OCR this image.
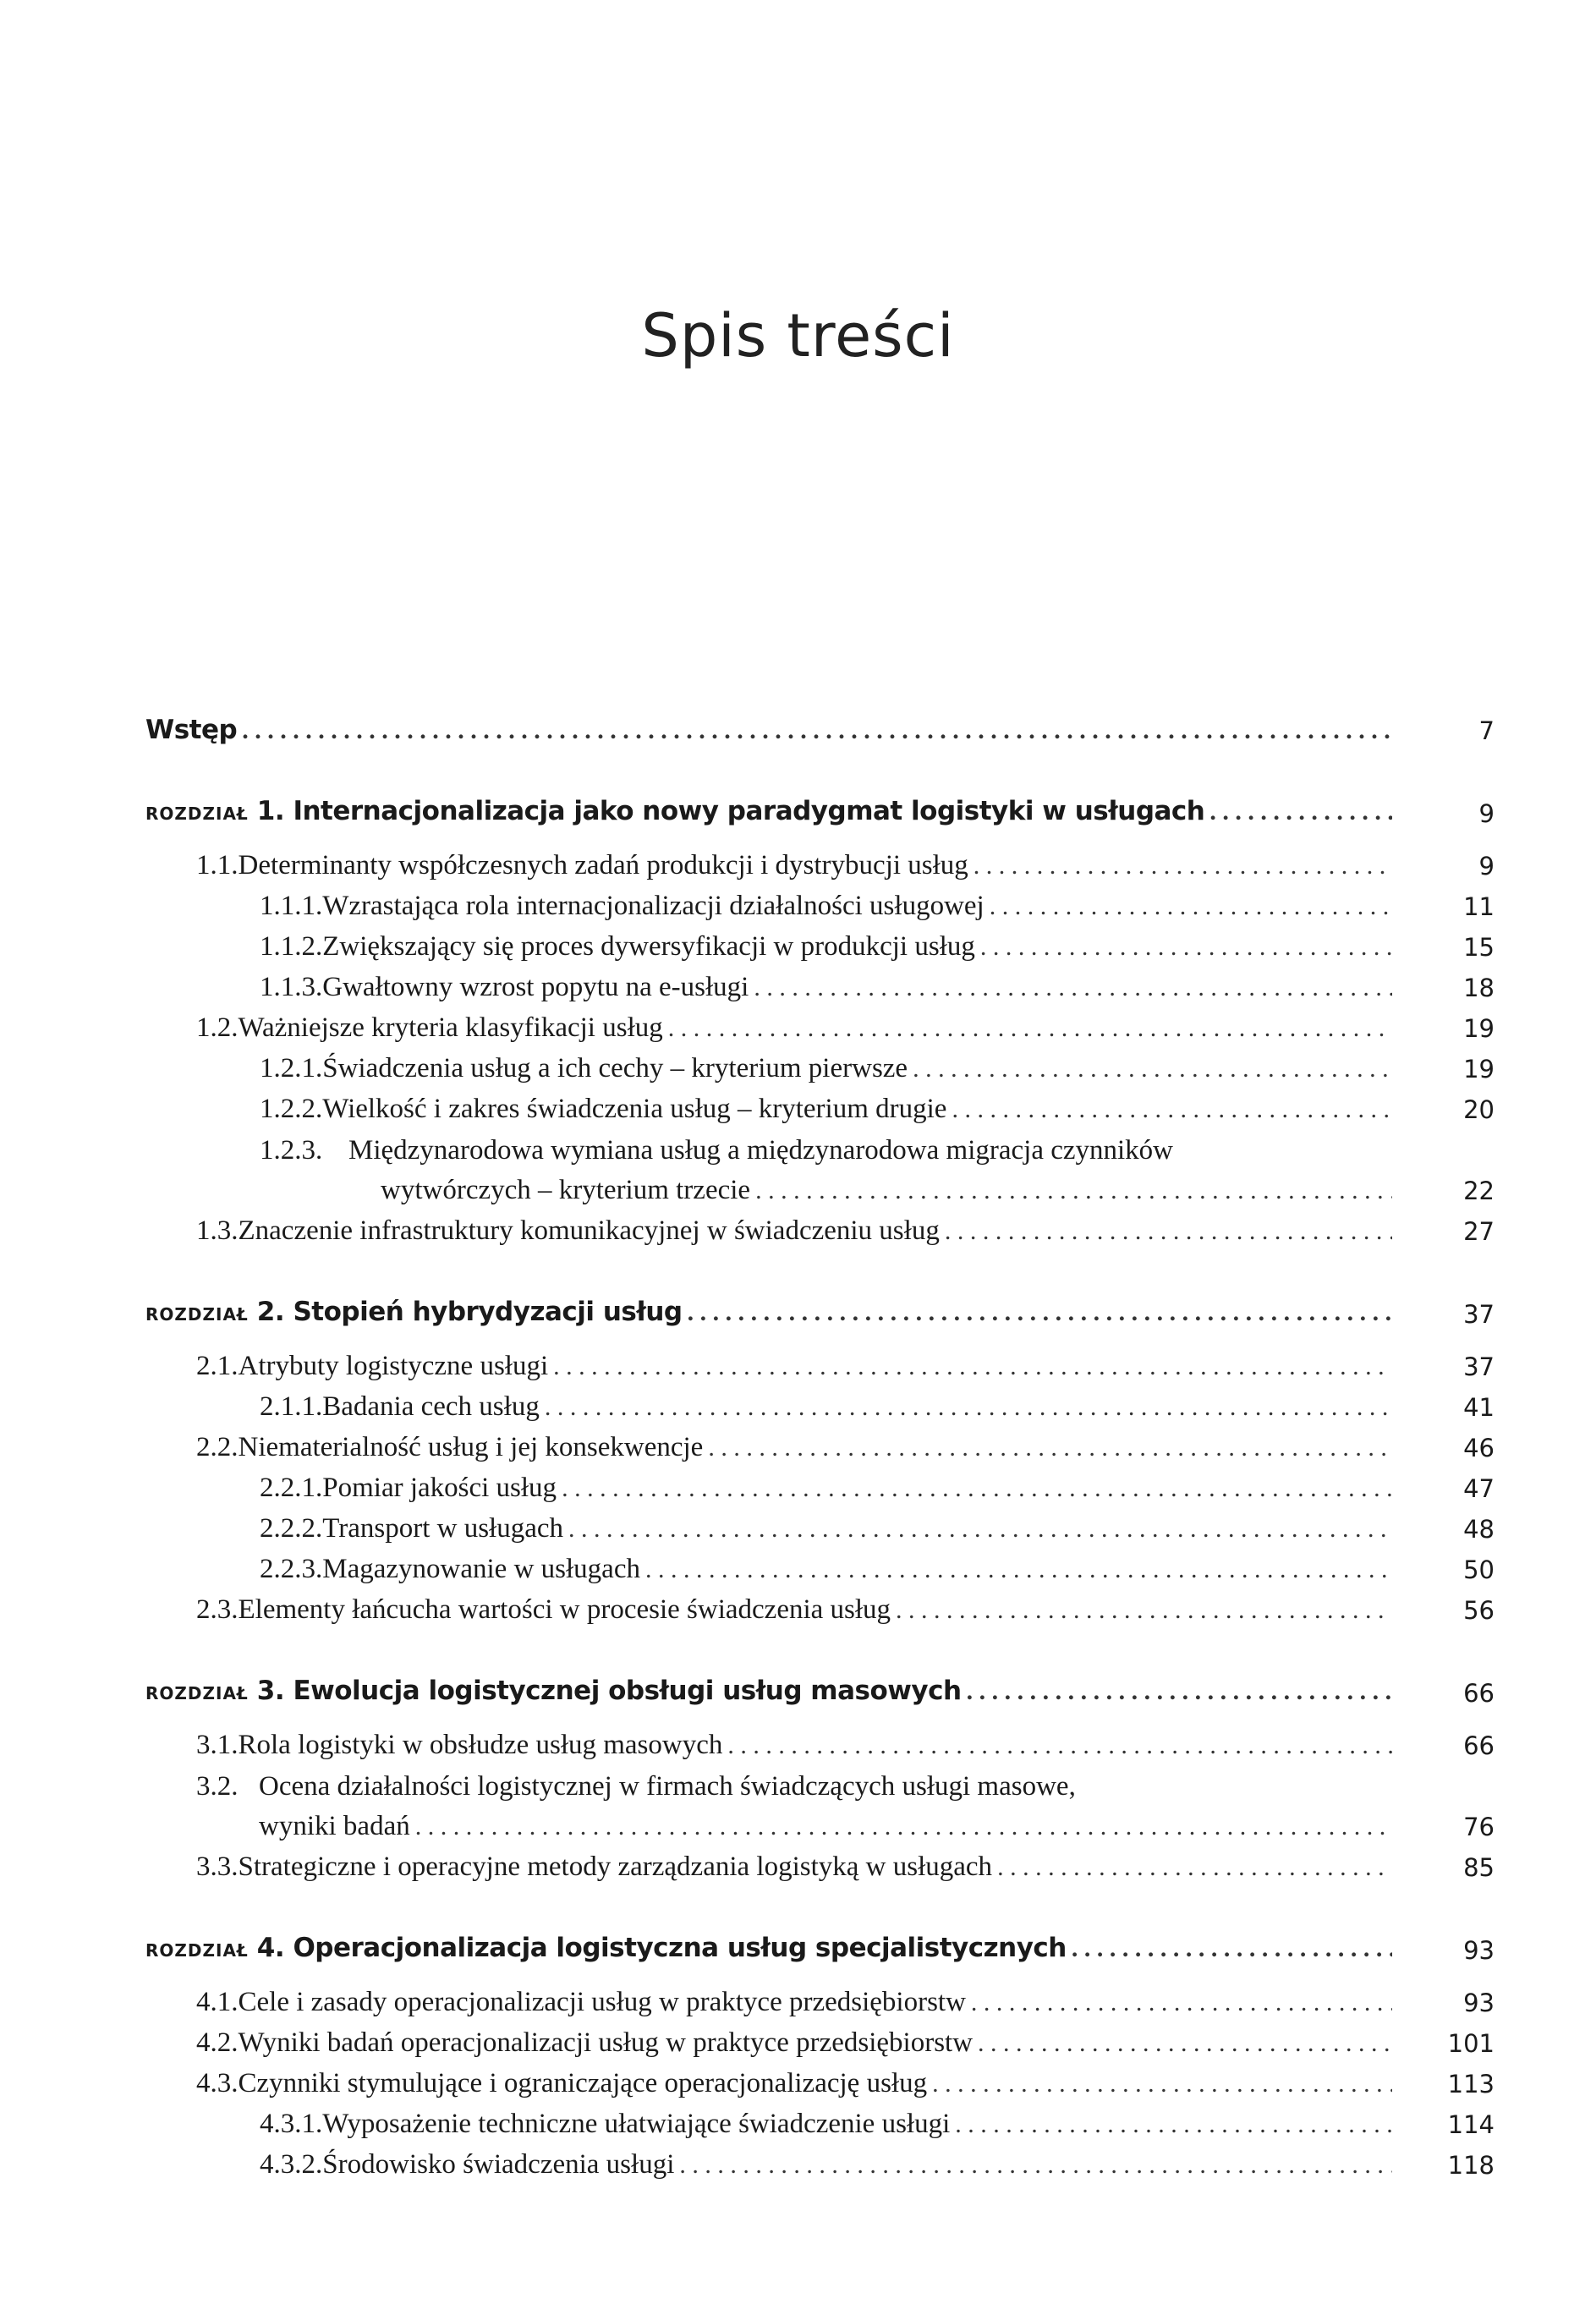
Spis treści
Wstęp . . .	7
ROZDZIAŁ 1.
Internacjonalizacja jako nowy paradygmat logistyki w usługach . . .	9
1.1. Determinanty współczesnych zadań produkcji i dystrybucji usług . . .	9
1.1.1. Wzrastająca rola internacjonalizacji działalności usługowej . . .	11
1.1.2. Zwiększający się proces dywersyfikacji w produkcji usług . . .	15
1.1.3. Gwałtowny wzrost popytu na e-usługi . . .	18
1.2. Ważniejsze kryteria klasyfikacji usług . . .	19
1.2.1. Świadczenia usług a ich cechy – kryterium pierwsze . . .	19
1.2.2. Wielkość i zakres świadczenia usług – kryterium drugie . . .	20
1.2.3. Międzynarodowa wymiana usług a międzynarodowa migracja czynników
wytwórczych – kryterium trzecie . . .	22
1.3. Znaczenie infrastruktury komunikacyjnej w świadczeniu usług . . .	27
ROZDZIAŁ 2.
Stopień hybrydyzacji usług . . .	37
2.1. Atrybuty logistyczne usługi . . .	37
2.1.1. Badania cech usług . . .	41
2.2. Niematerialność usług i jej konsekwencje . . .	46
2.2.1. Pomiar jakości usług . . .	47
2.2.2. Transport w usługach . . .	48
2.2.3. Magazynowanie w usługach . . .	50
2.3. Elementy łańcucha wartości w procesie świadczenia usług . . .	56
ROZDZIAŁ 3.
Ewolucja logistycznej obsługi usług masowych . . .	66
3.1. Rola logistyki w obsłudze usług masowych . . .	66
3.2. Ocena działalności logistycznej w firmach świadczących usługi masowe,
wyniki badań . . .	76
3.3. Strategiczne i operacyjne metody zarządzania logistyką w usługach . . .	85
ROZDZIAŁ 4.
Operacjonalizacja logistyczna usług specjalistycznych . . .	93
4.1. Cele i zasady operacjonalizacji usług w praktyce przedsiębiorstw . . .	93
4.2. Wyniki badań operacjonalizacji usług w praktyce przedsiębiorstw . . .	101
4.3. Czynniki stymulujące i ograniczające operacjonalizację usług . . .	113
4.3.1. Wyposażenie techniczne ułatwiające świadczenie usługi . . .	114
4.3.2. Środowisko świadczenia usługi . . .	118
